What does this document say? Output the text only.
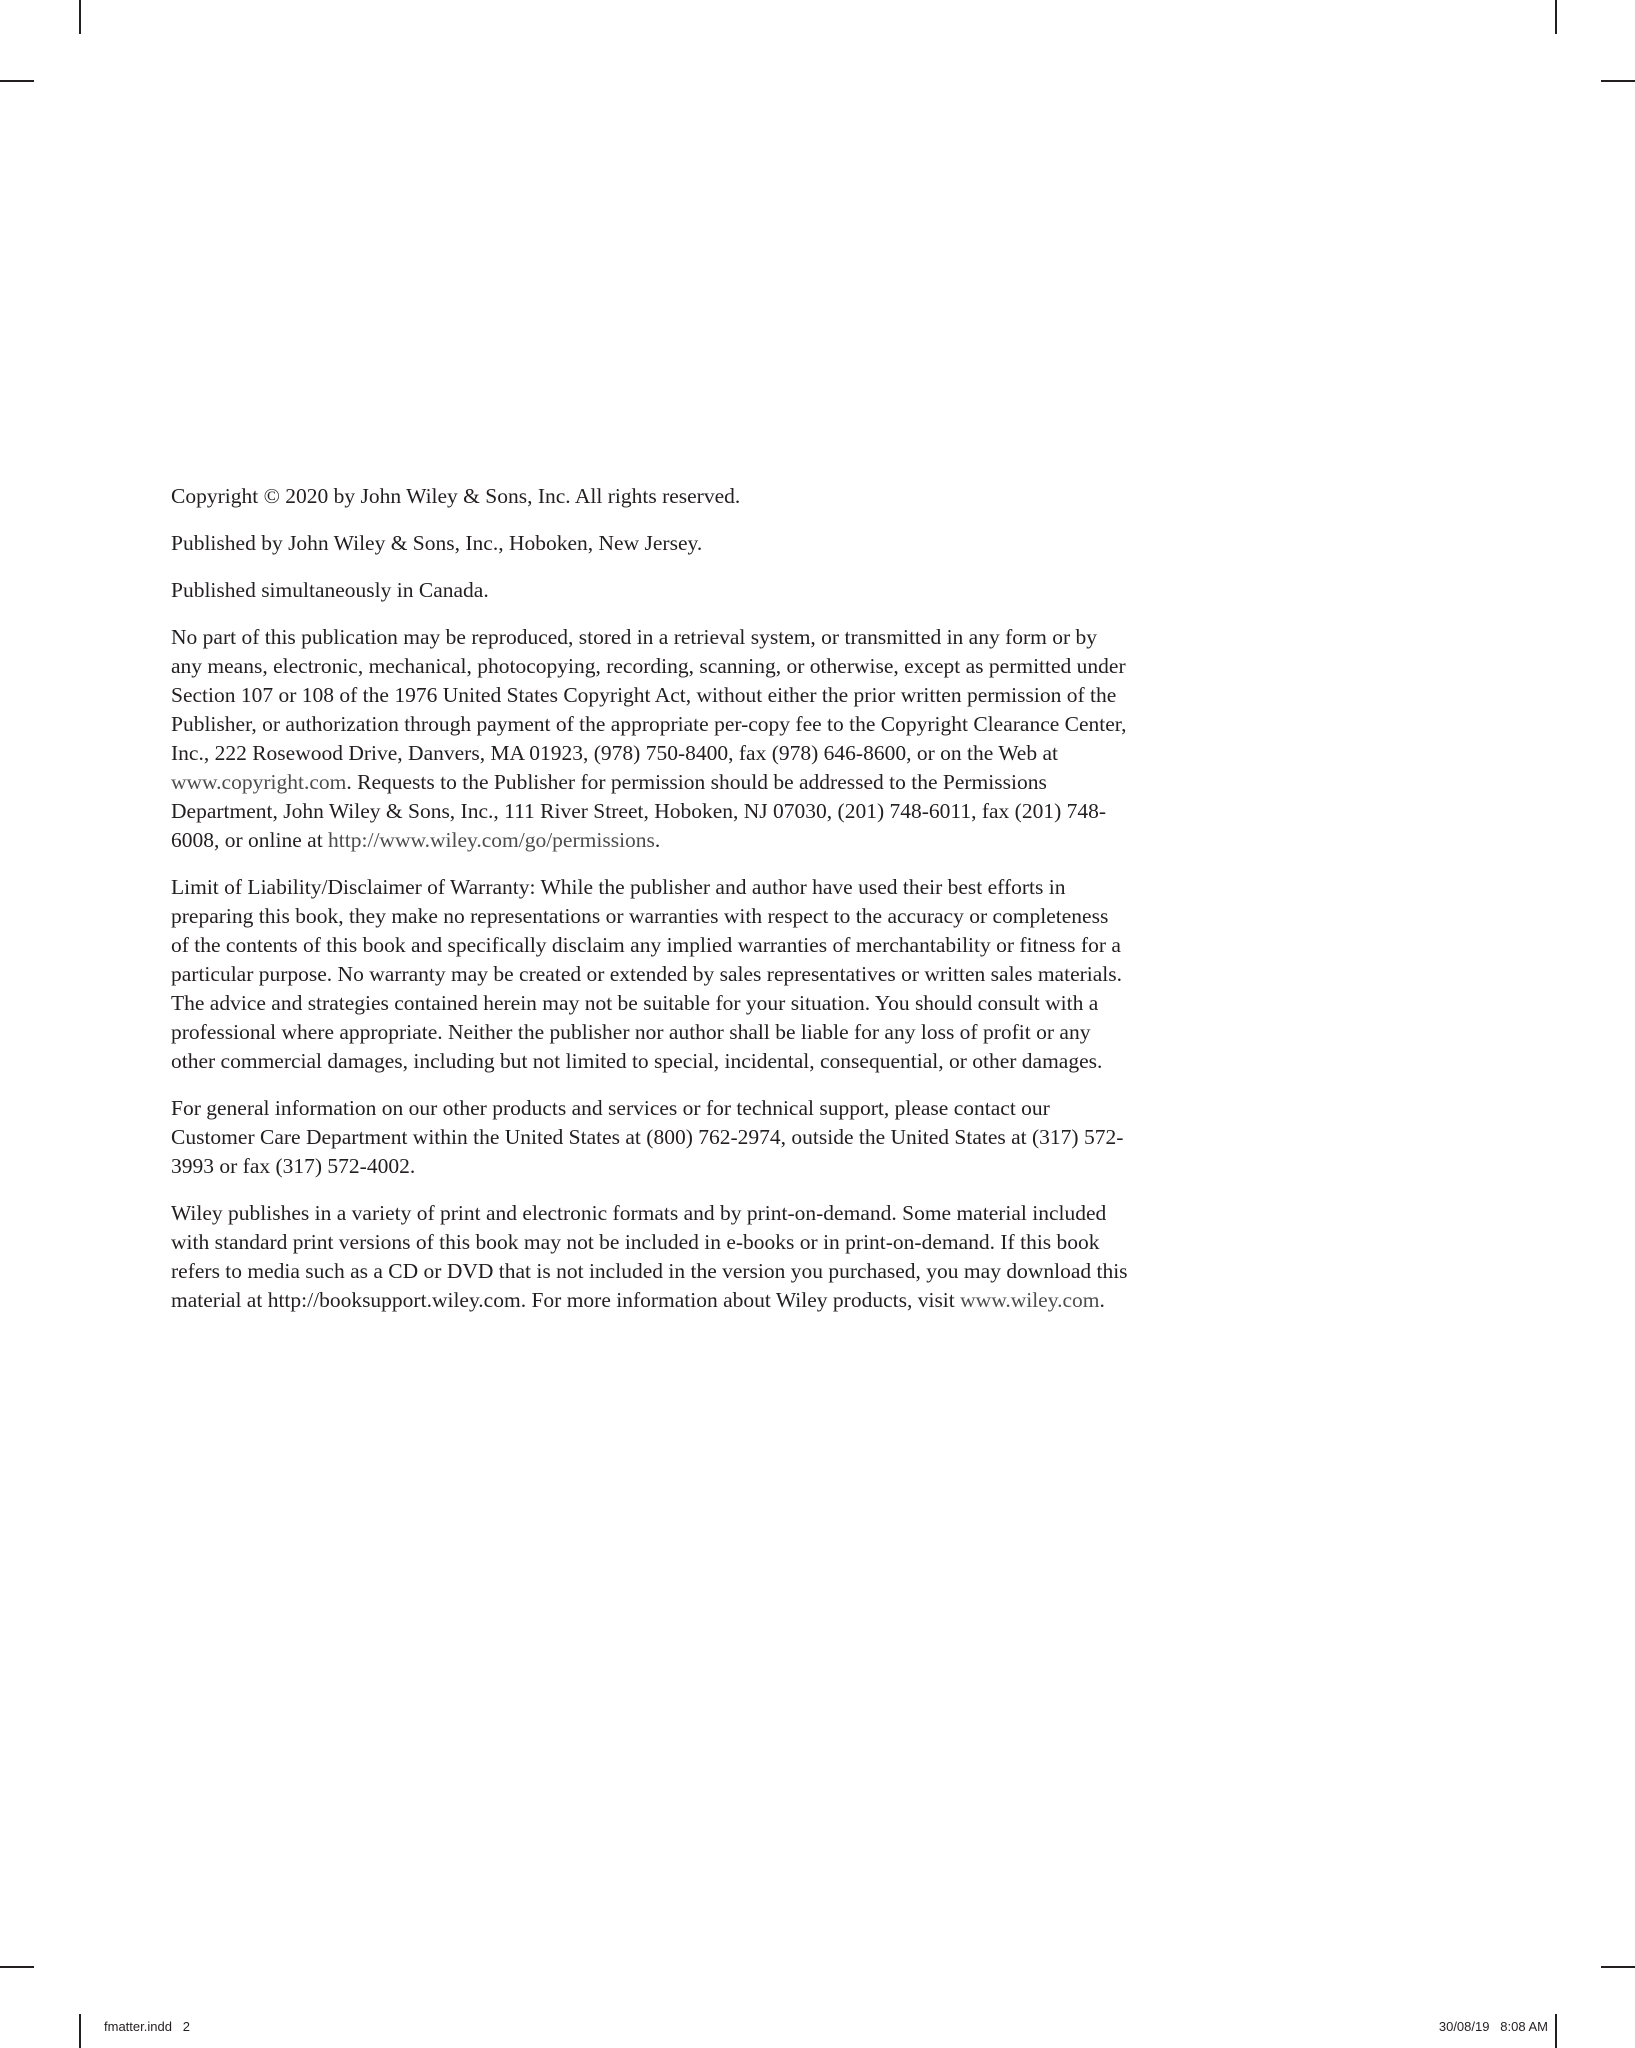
Copyright © 2020 by John Wiley & Sons, Inc. All rights reserved.

Published by John Wiley & Sons, Inc., Hoboken, New Jersey.

Published simultaneously in Canada.

No part of this publication may be reproduced, stored in a retrieval system, or transmitted in any form or by any means, electronic, mechanical, photocopying, recording, scanning, or otherwise, except as permitted under Section 107 or 108 of the 1976 United States Copyright Act, without either the prior written permission of the Publisher, or authorization through payment of the appropriate per-copy fee to the Copyright Clearance Center, Inc., 222 Rosewood Drive, Danvers, MA 01923, (978) 750-8400, fax (978) 646-8600, or on the Web at www.copyright.com. Requests to the Publisher for permission should be addressed to the Permissions Department, John Wiley & Sons, Inc., 111 River Street, Hoboken, NJ 07030, (201) 748-6011, fax (201) 748-6008, or online at http://www.wiley.com/go/permissions.

Limit of Liability/Disclaimer of Warranty: While the publisher and author have used their best efforts in preparing this book, they make no representations or warranties with respect to the accuracy or completeness of the contents of this book and specifically disclaim any implied warranties of merchantability or fitness for a particular purpose. No warranty may be created or extended by sales representatives or written sales materials. The advice and strategies contained herein may not be suitable for your situation. You should consult with a professional where appropriate. Neither the publisher nor author shall be liable for any loss of profit or any other commercial damages, including but not limited to special, incidental, consequential, or other damages.

For general information on our other products and services or for technical support, please contact our Customer Care Department within the United States at (800) 762-2974, outside the United States at (317) 572-3993 or fax (317) 572-4002.

Wiley publishes in a variety of print and electronic formats and by print-on-demand. Some material included with standard print versions of this book may not be included in e-books or in print-on-demand. If this book refers to media such as a CD or DVD that is not included in the version you purchased, you may download this material at http://booksupport.wiley.com. For more information about Wiley products, visit www.wiley.com.

fmatter.indd   2	30/08/19   8:08 AM
